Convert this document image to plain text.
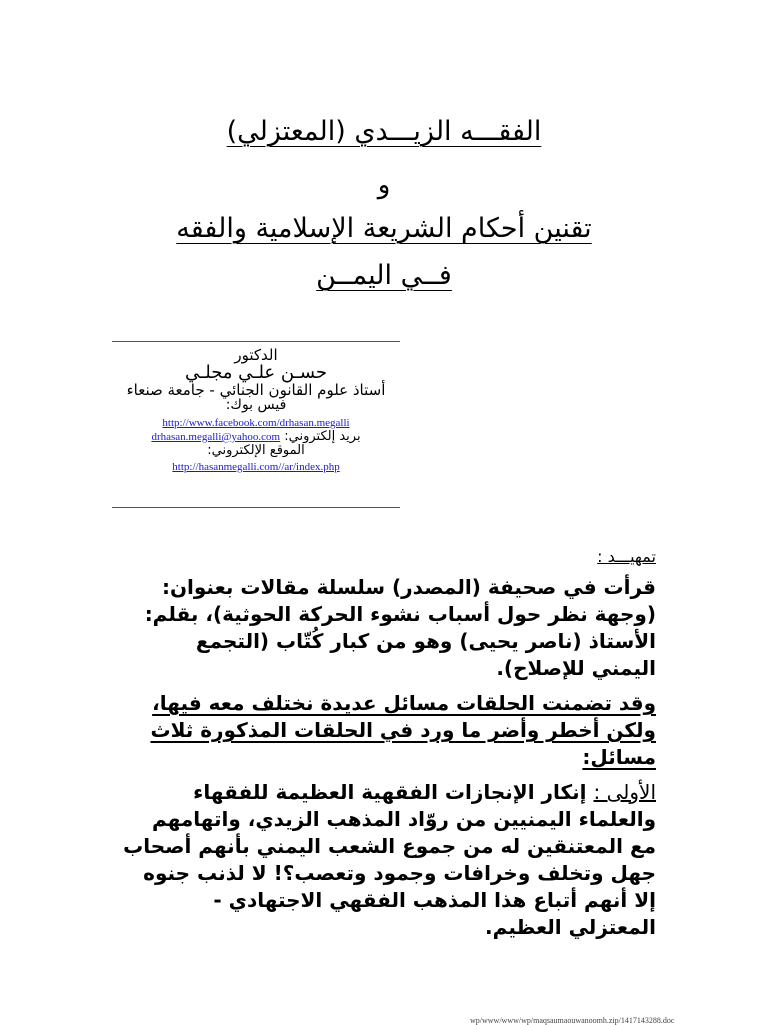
الفقـــه الزيـــدي (المعتزلي)
و
تقنين أحكام الشريعة الإسلامية والفقه
فــي اليمــن
الدكتور
حسـن علـي مجلـي
أستاذ علوم القانون الجنائي - جامعة صنعاء
فيس بوك:
http://www.facebook.com/drhasan.megalli
بريد إلكتروني: drhasan.megalli@yahoo.com
الموقع الإلكتروني:
http://hasanmegalli.com//ar/index.php
تمهيـــد :
قرأت في صحيفة (المصدر) سلسلة مقالات بعنوان: (وجهة نظر حول أسباب نشوء الحركة الحوثية)، بقلم: الأستاذ (ناصر يحيى) وهو من كبار كُتّاب (التجمع اليمني للإصلاح).
وقد تضمنت الحلقات مسائل عديدة نختلف معه فيها، ولكن أخطر وأضر ما ورد في الحلقات المذكورة ثلاث مسائل:
الأولى : إنكار الإنجازات الفقهية العظيمة للفقهاء والعلماء اليمنيين من روّاد المذهب الزيدي، واتهامهم مع المعتنقين له من جموع الشعب اليمني بأنهم أصحاب جهل وتخلف وخرافات وجمود وتعصب؟! لا لذنب جنوه إلا أنهم أتباع هذا المذهب الفقهي الاجتهادي - المعتزلي العظيم.
wp/www/www/wp/maqsaumaouwanoomh.zip/1417143288.doc
